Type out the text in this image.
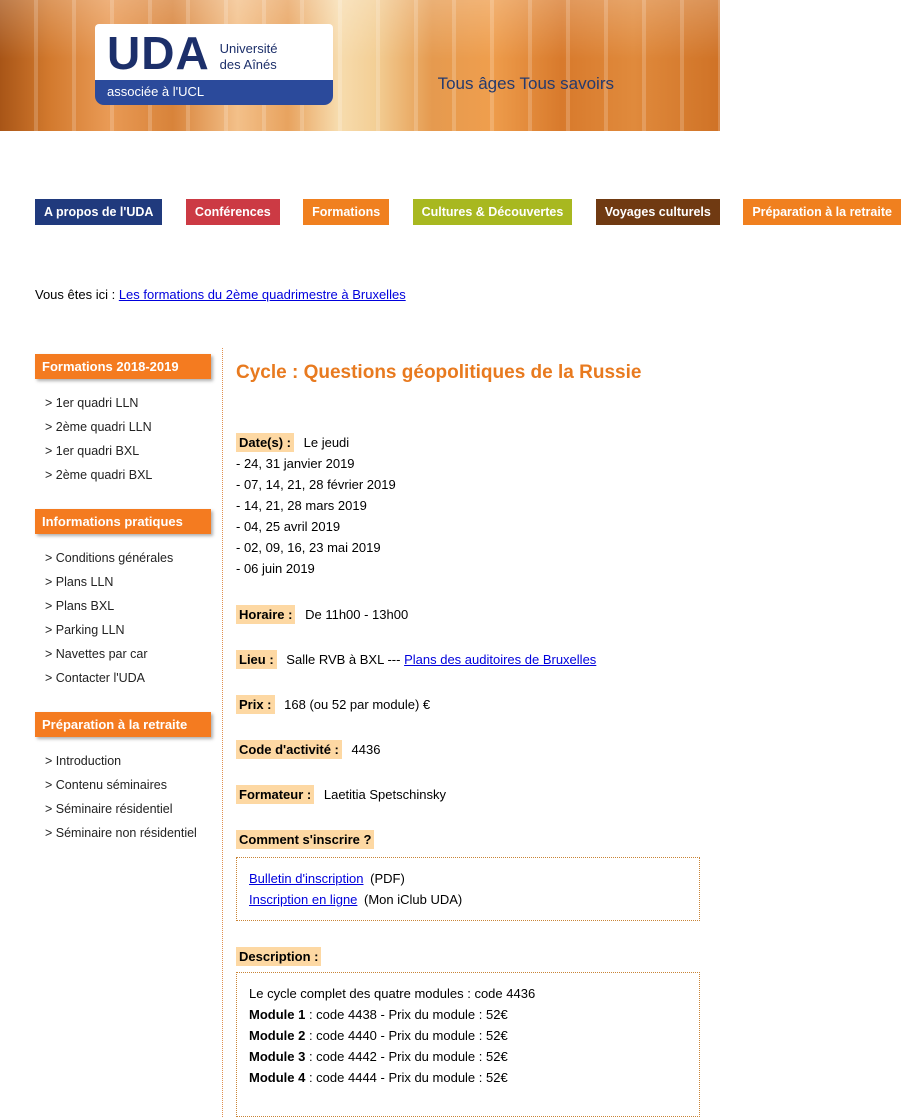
UDA Université
des Aînés
associée à l'UCL	Tous âges Tous savoirs
A propos de l'UDA	Conférences	Formations	Cultures & Découvertes	Voyages culturels	Préparation à la retraite
Vous êtes ici : Les formations du 2ème quadrimestre à Bruxelles
Formations 2018-2019
> 1er quadri LLN
> 2ème quadri LLN
> 1er quadri BXL
> 2ème quadri BXL
Informations pratiques
> Conditions générales
> Plans LLN
> Plans BXL
> Parking LLN
> Navettes par car
> Contacter l'UDA
Préparation à la retraite
> Introduction
> Contenu séminaires
> Séminaire résidentiel
> Séminaire non résidentiel
Cycle : Questions géopolitiques de la Russie

Date(s) : Le jeudi

- 24, 31 janvier 2019

- 07, 14, 21, 28 février 2019

- 14, 21, 28 mars 2019

- 04, 25 avril 2019

- 02, 09, 16, 23 mai 2019

- 06 juin 2019

Horaire : De 11h00 - 13h00

Lieu : Salle RVB à BXL --- Plans des auditoires de Bruxelles

Prix : 168 (ou 52 par module) €

Code d'activité : 4436

Formateur : Laetitia Spetschinsky

Comment s'inscrire ?

Bulletin d'inscription (PDF)

Inscription en ligne (Mon iClub UDA)

Description :

Le cycle complet des quatre modules : code 4436

Module 1 : code 4438 - Prix du module : 52€

Module 2 : code 4440 - Prix du module : 52€

Module 3 : code 4442 - Prix du module : 52€

Module 4 : code 4444 - Prix du module : 52€
